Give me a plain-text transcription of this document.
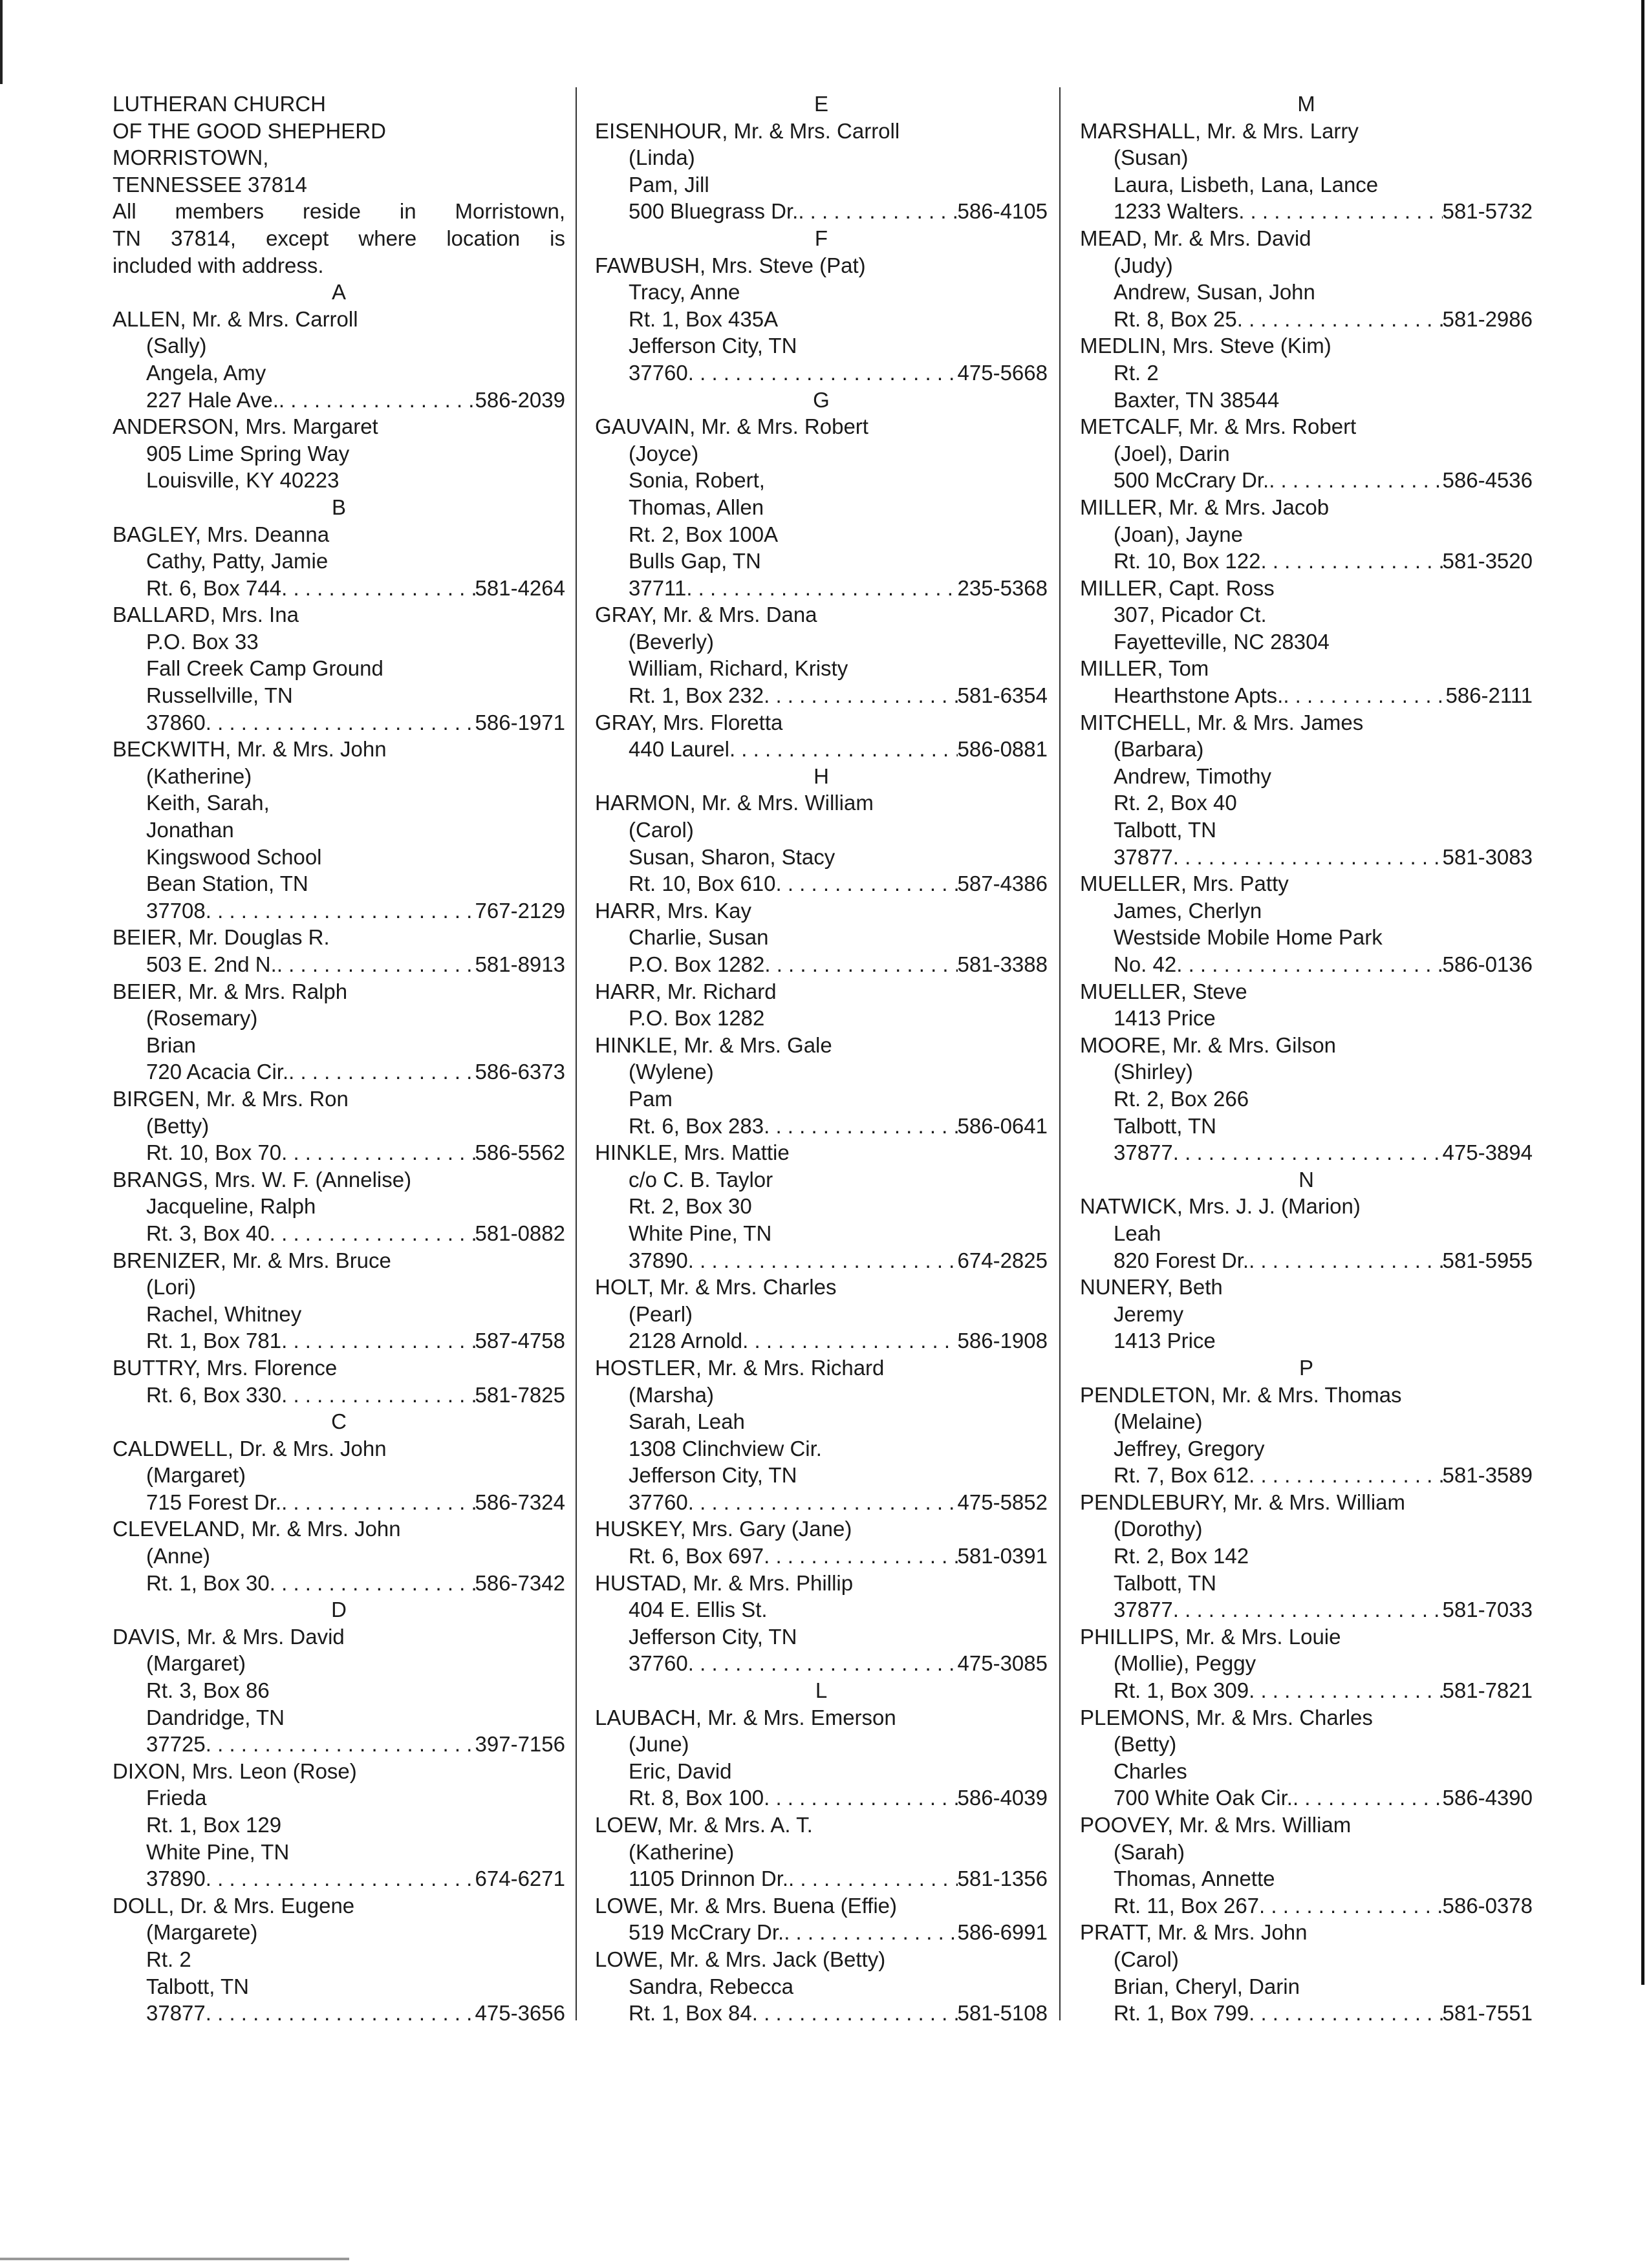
LUTHERAN CHURCH
OF THE GOOD SHEPHERD
MORRISTOWN,
TENNESSEE 37814
All members reside in Morristown,
TN 37814, except where location is
included with address.
A
ALLEN, Mr. & Mrs. Carroll
(Sally)
Angela, Amy
227 Hale Ave. . . .	586-2039
ANDERSON, Mrs. Margaret
905 Lime Spring Way
Louisville, KY 40223
B
BAGLEY, Mrs. Deanna
Cathy, Patty, Jamie
Rt. 6, Box 744 . . .	581-4264
BALLARD, Mrs. Ina
P.O. Box 33
Fall Creek Camp Ground
Russellville, TN
37860 . . .	586-1971
BECKWITH, Mr. & Mrs. John
(Katherine)
Keith, Sarah,
Jonathan
Kingswood School
Bean Station, TN
37708 . . .	767-2129
BEIER, Mr. Douglas R.
503 E. 2nd N. . . .	581-8913
BEIER, Mr. & Mrs. Ralph
(Rosemary)
Brian
720 Acacia Cir. . . .	586-6373
BIRGEN, Mr. & Mrs. Ron
(Betty)
Rt. 10, Box 70 . . .	586-5562
BRANGS, Mrs. W. F. (Annelise)
Jacqueline, Ralph
Rt. 3, Box 40 . . .	581-0882
BRENIZER, Mr. & Mrs. Bruce
(Lori)
Rachel, Whitney
Rt. 1, Box 781 . . .	587-4758
BUTTRY, Mrs. Florence
Rt. 6, Box 330 . . .	581-7825
C
CALDWELL, Dr. & Mrs. John
(Margaret)
715 Forest Dr. . . .	586-7324
CLEVELAND, Mr. & Mrs. John
(Anne)
Rt. 1, Box 30 . . .	586-7342
D
DAVIS, Mr. & Mrs. David
(Margaret)
Rt. 3, Box 86
Dandridge, TN
37725 . . .	397-7156
DIXON, Mrs. Leon (Rose)
Frieda
Rt. 1, Box 129
White Pine, TN
37890 . . .	674-6271
DOLL, Dr. & Mrs. Eugene
(Margarete)
Rt. 2
Talbott, TN
37877 . . .	475-3656
E
EISENHOUR, Mr. & Mrs. Carroll
(Linda)
Pam, Jill
500 Bluegrass Dr. . . .	586-4105
F
FAWBUSH, Mrs. Steve (Pat)
Tracy, Anne
Rt. 1, Box 435A
Jefferson City, TN
37760 . . .	475-5668
G
GAUVAIN, Mr. & Mrs. Robert
(Joyce)
Sonia, Robert,
Thomas, Allen
Rt. 2, Box 100A
Bulls Gap, TN
37711 . . .	235-5368
GRAY, Mr. & Mrs. Dana
(Beverly)
William, Richard, Kristy
Rt. 1, Box 232 . . .	581-6354
GRAY, Mrs. Floretta
440 Laurel . . .	586-0881
H
HARMON, Mr. & Mrs. William
(Carol)
Susan, Sharon, Stacy
Rt. 10, Box 610 . . .	587-4386
HARR, Mrs. Kay
Charlie, Susan
P.O. Box 1282 . . .	581-3388
HARR, Mr. Richard
P.O. Box 1282
HINKLE, Mr. & Mrs. Gale
(Wylene)
Pam
Rt. 6, Box 283 . . .	586-0641
HINKLE, Mrs. Mattie
c/o C. B. Taylor
Rt. 2, Box 30
White Pine, TN
37890 . . .	674-2825
HOLT, Mr. & Mrs. Charles
(Pearl)
2128 Arnold . . .	586-1908
HOSTLER, Mr. & Mrs. Richard
(Marsha)
Sarah, Leah
1308 Clinchview Cir.
Jefferson City, TN
37760 . . .	475-5852
HUSKEY, Mrs. Gary (Jane)
Rt. 6, Box 697 . . .	581-0391
HUSTAD, Mr. & Mrs. Phillip
404 E. Ellis St.
Jefferson City, TN
37760 . . .	475-3085
L
LAUBACH, Mr. & Mrs. Emerson
(June)
Eric, David
Rt. 8, Box 100 . . .	586-4039
LOEW, Mr. & Mrs. A. T.
(Katherine)
1105 Drinnon Dr. . . .	581-1356
LOWE, Mr. & Mrs. Buena (Effie)
519 McCrary Dr. . . .	586-6991
LOWE, Mr. & Mrs. Jack (Betty)
Sandra, Rebecca
Rt. 1, Box 84 . . .	581-5108
M
MARSHALL, Mr. & Mrs. Larry
(Susan)
Laura, Lisbeth, Lana, Lance
1233 Walters . . .	581-5732
MEAD, Mr. & Mrs. David
(Judy)
Andrew, Susan, John
Rt. 8, Box 25 . . .	581-2986
MEDLIN, Mrs. Steve (Kim)
Rt. 2
Baxter, TN 38544
METCALF, Mr. & Mrs. Robert
(Joel), Darin
500 McCrary Dr. . . .	586-4536
MILLER, Mr. & Mrs. Jacob
(Joan), Jayne
Rt. 10, Box 122 . . .	581-3520
MILLER, Capt. Ross
307, Picador Ct.
Fayetteville, NC 28304
MILLER, Tom
Hearthstone Apts. . . .	586-2111
MITCHELL, Mr. & Mrs. James
(Barbara)
Andrew, Timothy
Rt. 2, Box 40
Talbott, TN
37877 . . .	581-3083
MUELLER, Mrs. Patty
James, Cherlyn
Westside Mobile Home Park
No. 42 . . .	586-0136
MUELLER, Steve
1413 Price
MOORE, Mr. & Mrs. Gilson
(Shirley)
Rt. 2, Box 266
Talbott, TN
37877 . . .	475-3894
N
NATWICK, Mrs. J. J. (Marion)
Leah
820 Forest Dr. . . .	581-5955
NUNERY, Beth
Jeremy
1413 Price
P
PENDLETON, Mr. & Mrs. Thomas
(Melaine)
Jeffrey, Gregory
Rt. 7, Box 612 . . .	581-3589
PENDLEBURY, Mr. & Mrs. William
(Dorothy)
Rt. 2, Box 142
Talbott, TN
37877 . . .	581-7033
PHILLIPS, Mr. & Mrs. Louie
(Mollie), Peggy
Rt. 1, Box 309 . . .	581-7821
PLEMONS, Mr. & Mrs. Charles
(Betty)
Charles
700 White Oak Cir. . . .	586-4390
POOVEY, Mr. & Mrs. William
(Sarah)
Thomas, Annette
Rt. 11, Box 267 . . .	586-0378
PRATT, Mr. & Mrs. John
(Carol)
Brian, Cheryl, Darin
Rt. 1, Box 799 . . .	581-7551
